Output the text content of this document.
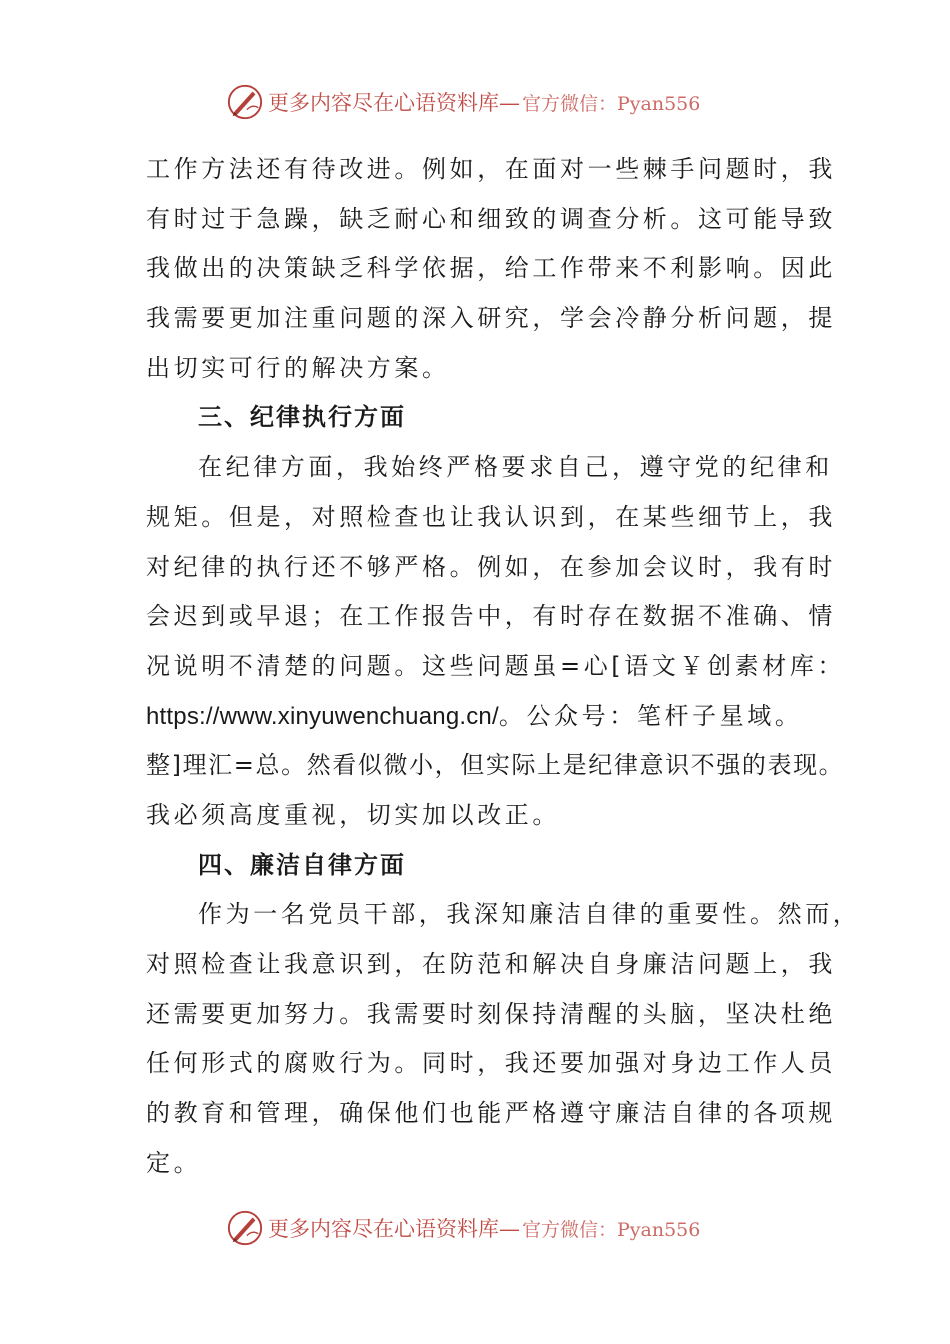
更多内容尽在心语资料库— 官方微信：Pyan556
工作方法还有待改进。例如，在面对一些棘手问题时，我
有时过于急躁，缺乏耐心和细致的调查分析。这可能导致
我做出的决策缺乏科学依据，给工作带来不利影响。因此
我需要更加注重问题的深入研究，学会冷静分析问题，提
出切实可行的解决方案。
三、纪律执行方面
在纪律方面，我始终严格要求自己，遵守党的纪律和
规矩。但是，对照检查也让我认识到，在某些细节上，我
对纪律的执行还不够严格。例如，在参加会议时，我有时
会迟到或早退；在工作报告中，有时存在数据不准确、情
况说明不清楚的问题。这些问题虽=心[语文￥创素材库：
https://www.xinyuwenchuang.cn/。公众号：笔杆子星域。
整]理汇=总。然看似微小，但实际上是纪律意识不强的表现。
我必须高度重视，切实加以改正。
四、廉洁自律方面
作为一名党员干部，我深知廉洁自律的重要性。然而，
对照检查让我意识到，在防范和解决自身廉洁问题上，我
还需要更加努力。我需要时刻保持清醒的头脑，坚决杜绝
任何形式的腐败行为。同时，我还要加强对身边工作人员
的教育和管理，确保他们也能严格遵守廉洁自律的各项规
定。
更多内容尽在心语资料库— 官方微信：Pyan556
